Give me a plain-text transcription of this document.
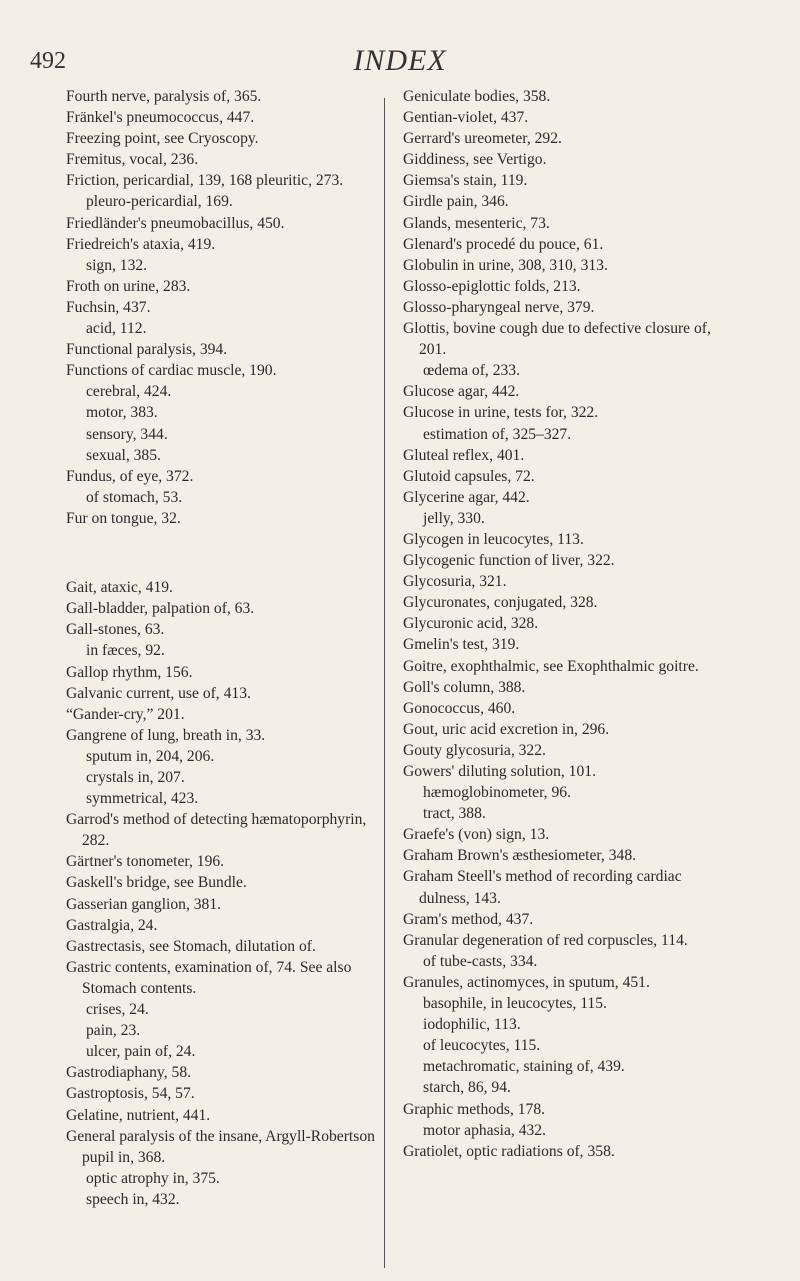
492	INDEX

Fourth nerve, paralysis of, 365.

Fränkel's pneumococcus, 447.

Freezing point, see Cryoscopy.

Fremitus, vocal, 236.

Friction, pericardial, 139, 168 pleuritic, 273.

pleuro-pericardial, 169.

Friedländer's pneumobacillus, 450.

Friedreich's ataxia, 419.

sign, 132.

Froth on urine, 283.

Fuchsin, 437.

acid, 112.

Functional paralysis, 394.

Functions of cardiac muscle, 190.

cerebral, 424.

motor, 383.

sensory, 344.

sexual, 385.

Fundus, of eye, 372.

of stomach, 53.

Fur on tongue, 32.

Gait, ataxic, 419.

Gall-bladder, palpation of, 63.

Gall-stones, 63.

in fæces, 92.

Gallop rhythm, 156.

Galvanic current, use of, 413.

“Gander-cry,” 201.

Gangrene of lung, breath in, 33.

sputum in, 204, 206.

crystals in, 207.

symmetrical, 423.

Garrod's method of detecting hæmatoporphyrin, 282.

Gärtner's tonometer, 196.

Gaskell's bridge, see Bundle.

Gasserian ganglion, 381.

Gastralgia, 24.

Gastrectasis, see Stomach, dilutation of.

Gastric contents, examination of, 74. See also Stomach contents.

crises, 24.

pain, 23.

ulcer, pain of, 24.

Gastrodiaphany, 58.

Gastroptosis, 54, 57.

Gelatine, nutrient, 441.

General paralysis of the insane, Argyll-Robertson pupil in, 368.

optic atrophy in, 375.

speech in, 432.

Geniculate bodies, 358.

Gentian-violet, 437.

Gerrard's ureometer, 292.

Giddiness, see Vertigo.

Giemsa's stain, 119.

Girdle pain, 346.

Glands, mesenteric, 73.

Glenard's procedé du pouce, 61.

Globulin in urine, 308, 310, 313.

Glosso-epiglottic folds, 213.

Glosso-pharyngeal nerve, 379.

Glottis, bovine cough due to defective closure of, 201.

œdema of, 233.

Glucose agar, 442.

Glucose in urine, tests for, 322.

estimation of, 325–327.

Gluteal reflex, 401.

Glutoid capsules, 72.

Glycerine agar, 442.

jelly, 330.

Glycogen in leucocytes, 113.

Glycogenic function of liver, 322.

Glycosuria, 321.

Glycuronates, conjugated, 328.

Glycuronic acid, 328.

Gmelin's test, 319.

Goitre, exophthalmic, see Exophthalmic goitre.

Goll's column, 388.

Gonococcus, 460.

Gout, uric acid excretion in, 296.

Gouty glycosuria, 322.

Gowers' diluting solution, 101.

hæmoglobinometer, 96.

tract, 388.

Graefe's (von) sign, 13.

Graham Brown's æsthesiometer, 348.

Graham Steell's method of recording cardiac dulness, 143.

Gram's method, 437.

Granular degeneration of red corpuscles, 114.

of tube-casts, 334.

Granules, actinomyces, in sputum, 451.

basophile, in leucocytes, 115.

iodophilic, 113.

of leucocytes, 115.

metachromatic, staining of, 439.

starch, 86, 94.

Graphic methods, 178.

motor aphasia, 432.

Gratiolet, optic radiations of, 358.
